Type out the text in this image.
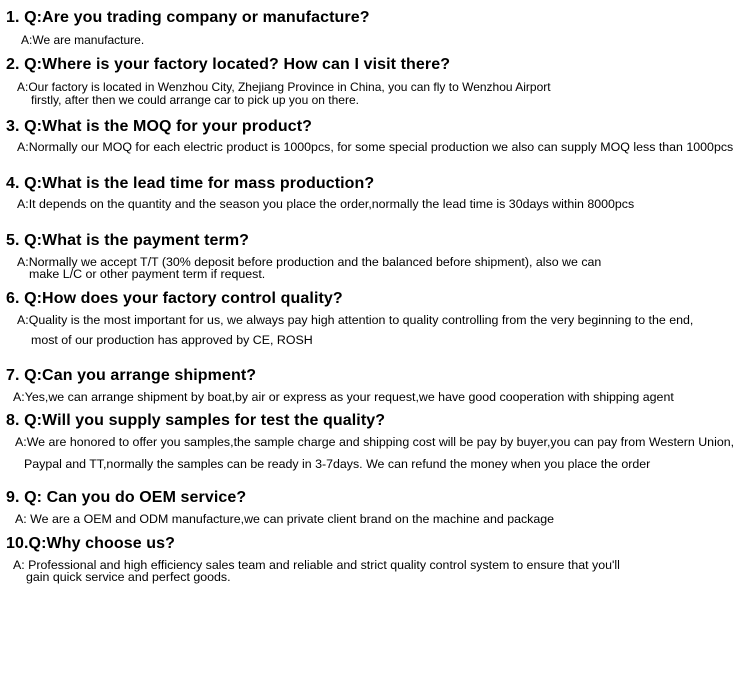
1. Q:Are you trading company or manufacture?
A:We are manufacture.
2. Q:Where is your factory located? How can I visit there?
A:Our factory is located in Wenzhou City, Zhejiang Province in China, you can fly to Wenzhou Airport
firstly, after then we could arrange car to pick up you on there.
3. Q:What is the MOQ for your product?
A:Normally our MOQ for each electric product is 1000pcs, for some special production we also can supply MOQ less than 1000pcs
4. Q:What is the lead time for mass production?
A:It depends on the quantity and the season you place the order,normally the lead time is 30days within 8000pcs
5. Q:What is the payment term?
A:Normally we accept T/T (30% deposit before production and the balanced before shipment), also we can
make L/C or other payment term if request.
6. Q:How does your factory control quality?
A:Quality is the most important for us, we always pay high attention to quality controlling from the very beginning to the end,
most of our production has approved by CE, ROSH
7. Q:Can you arrange shipment?
A:Yes,we can arrange shipment by boat,by air or express as your request,we have good cooperation with shipping agent
8. Q:Will you supply samples for test the quality?
A:We are honored to offer you samples,the sample charge and shipping cost will be pay by buyer,you can pay from Western Union,
Paypal and TT,normally the samples can be ready in 3-7days. We can refund the money when you place the order
9. Q: Can you do OEM service?
A: We are a OEM and ODM manufacture,we can private client brand on the machine and package
10.Q:Why choose us?
A: Professional and high efficiency sales team and reliable and strict quality control system to ensure that you'll
gain quick service and perfect goods.
